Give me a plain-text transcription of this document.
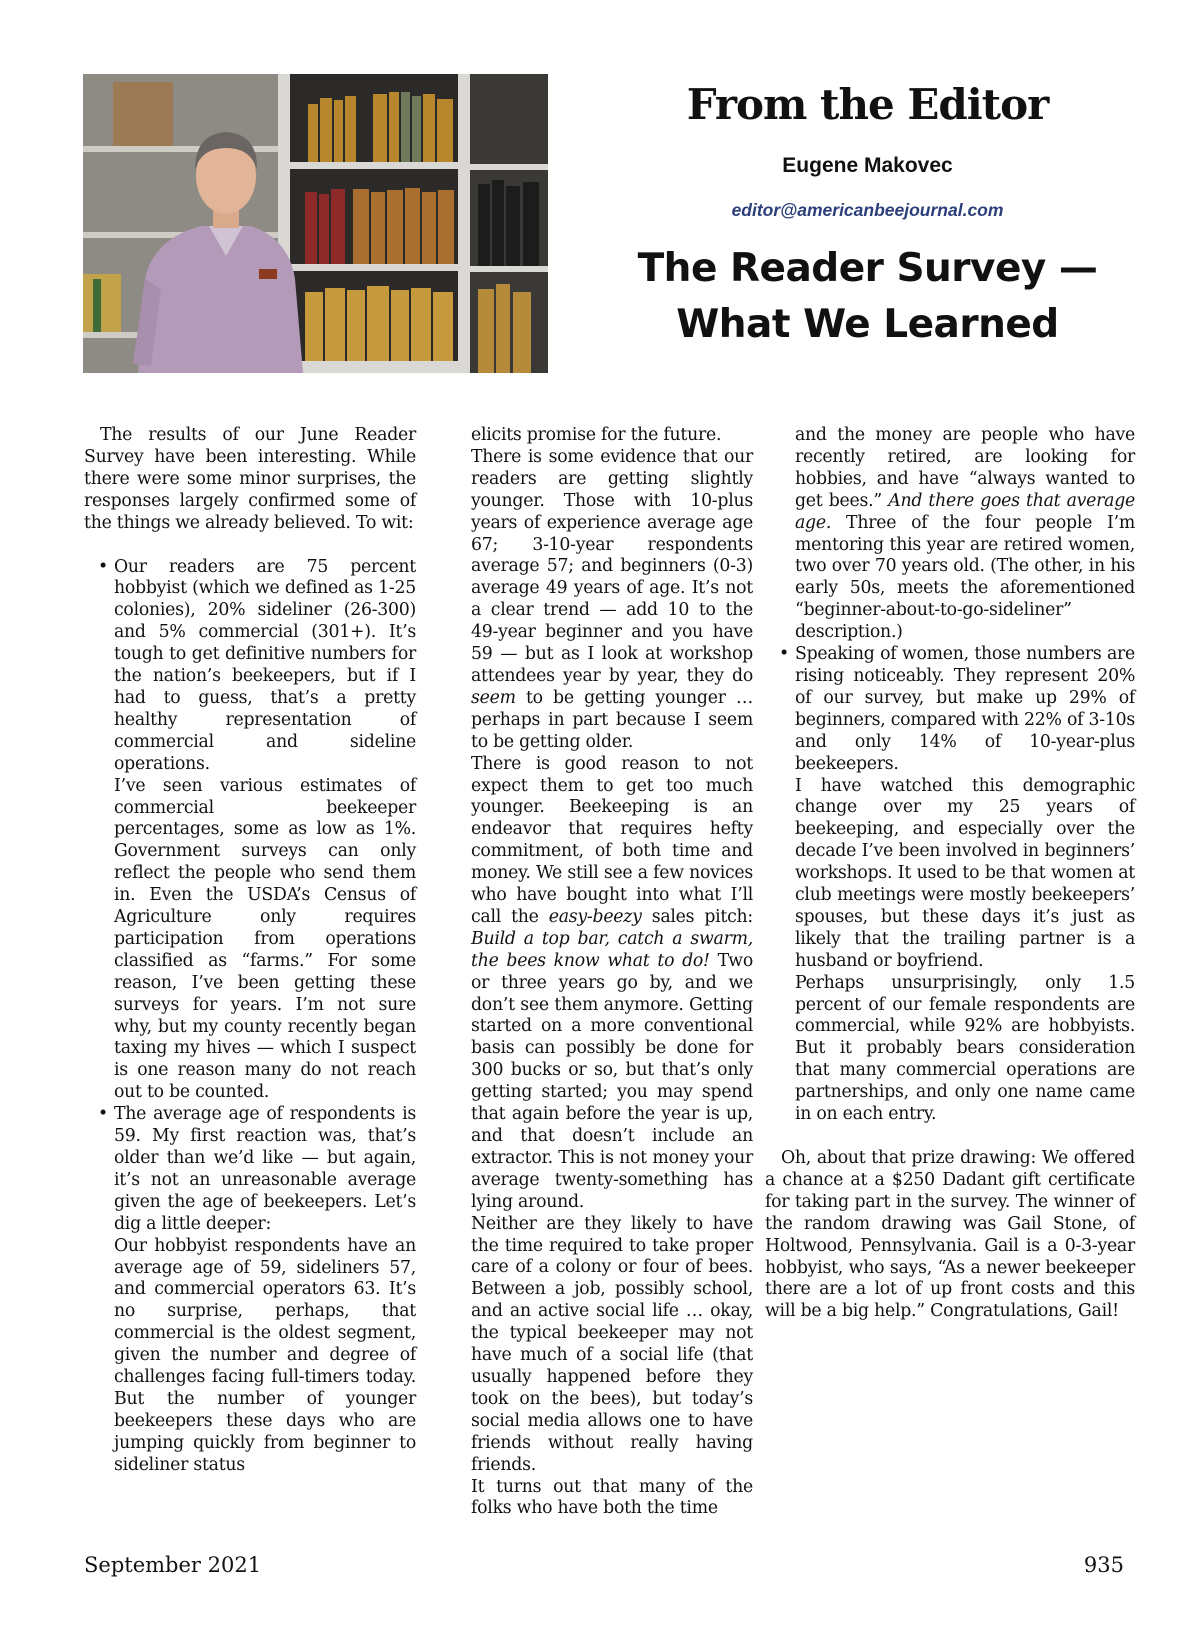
From the Editor
Eugene Makovec
editor@americanbeejournal.com
The Reader Survey —
What We Learned

The results of our June Reader Survey have been interesting. While there were some minor surprises, the responses largely confirmed some of the things we already believed. To wit:

• Our readers are 75 percent hobbyist (which we defined as 1-25 colonies), 20% sideliner (26-300) and 5% commercial (301+). It’s tough to get definitive numbers for the nation’s beekeepers, but if I had to guess, that’s a pretty healthy representation of commercial and sideline operations.

I’ve seen various estimates of commercial beekeeper percentages, some as low as 1%. Government surveys can only reflect the people who send them in. Even the USDA’s Census of Agriculture only requires participation from operations classified as “farms.” For some reason, I’ve been getting these surveys for years. I’m not sure why, but my county recently began taxing my hives — which I suspect is one reason many do not reach out to be counted.

• The average age of respondents is 59. My first reaction was, that’s older than we’d like — but again, it’s not an unreasonable average given the age of beekeepers. Let’s dig a little deeper:

Our hobbyist respondents have an average age of 59, sideliners 57, and commercial operators 63. It’s no surprise, perhaps, that commercial is the oldest segment, given the number and degree of challenges facing full-timers today. But the number of younger beekeepers these days who are jumping quickly from beginner to sideliner status

elicits promise for the future.

There is some evidence that our readers are getting slightly younger. Those with 10-plus years of experience average age 67; 3-10-year respondents average 57; and beginners (0-3) average 49 years of age. It’s not a clear trend — add 10 to the 49-year beginner and you have 59 — but as I look at workshop attendees year by year, they do seem to be getting younger … perhaps in part because I seem to be getting older.

There is good reason to not expect them to get too much younger. Beekeeping is an endeavor that requires hefty commitment, of both time and money. We still see a few novices who have bought into what I’ll call the easy-beezy sales pitch: Build a top bar, catch a swarm, the bees know what to do! Two or three years go by, and we don’t see them anymore. Getting started on a more conventional basis can possibly be done for 300 bucks or so, but that’s only getting started; you may spend that again before the year is up, and that doesn’t include an extractor. This is not money your average twenty-something has lying around.

Neither are they likely to have the time required to take proper care of a colony or four of bees. Between a job, possibly school, and an active social life … okay, the typical beekeeper may not have much of a social life (that usually happened before they took on the bees), but today’s social media allows one to have friends without really having friends.

It turns out that many of the folks who have both the time

and the money are people who have recently retired, are looking for hobbies, and have “always wanted to get bees.” And there goes that average age. Three of the four people I’m mentoring this year are retired women, two over 70 years old. (The other, in his early 50s, meets the aforementioned “beginner-about-to-go-sideliner” description.)

• Speaking of women, those numbers are rising noticeably. They represent 20% of our survey, but make up 29% of beginners, compared with 22% of 3-10s and only 14% of 10-year-plus beekeepers.

I have watched this demographic change over my 25 years of beekeeping, and especially over the decade I’ve been involved in beginners’ workshops. It used to be that women at club meetings were mostly beekeepers’ spouses, but these days it’s just as likely that the trailing partner is a husband or boyfriend.

Perhaps unsurprisingly, only 1.5 percent of our female respondents are commercial, while 92% are hobbyists. But it probably bears consideration that many commercial operations are partnerships, and only one name came in on each entry.

Oh, about that prize drawing: We offered a chance at a $250 Dadant gift certificate for taking part in the survey. The winner of the random drawing was Gail Stone, of Holtwood, Pennsylvania. Gail is a 0-3-year hobbyist, who says, “As a newer beekeeper there are a lot of up front costs and this will be a big help.” Congratulations, Gail!

September 2021	935
